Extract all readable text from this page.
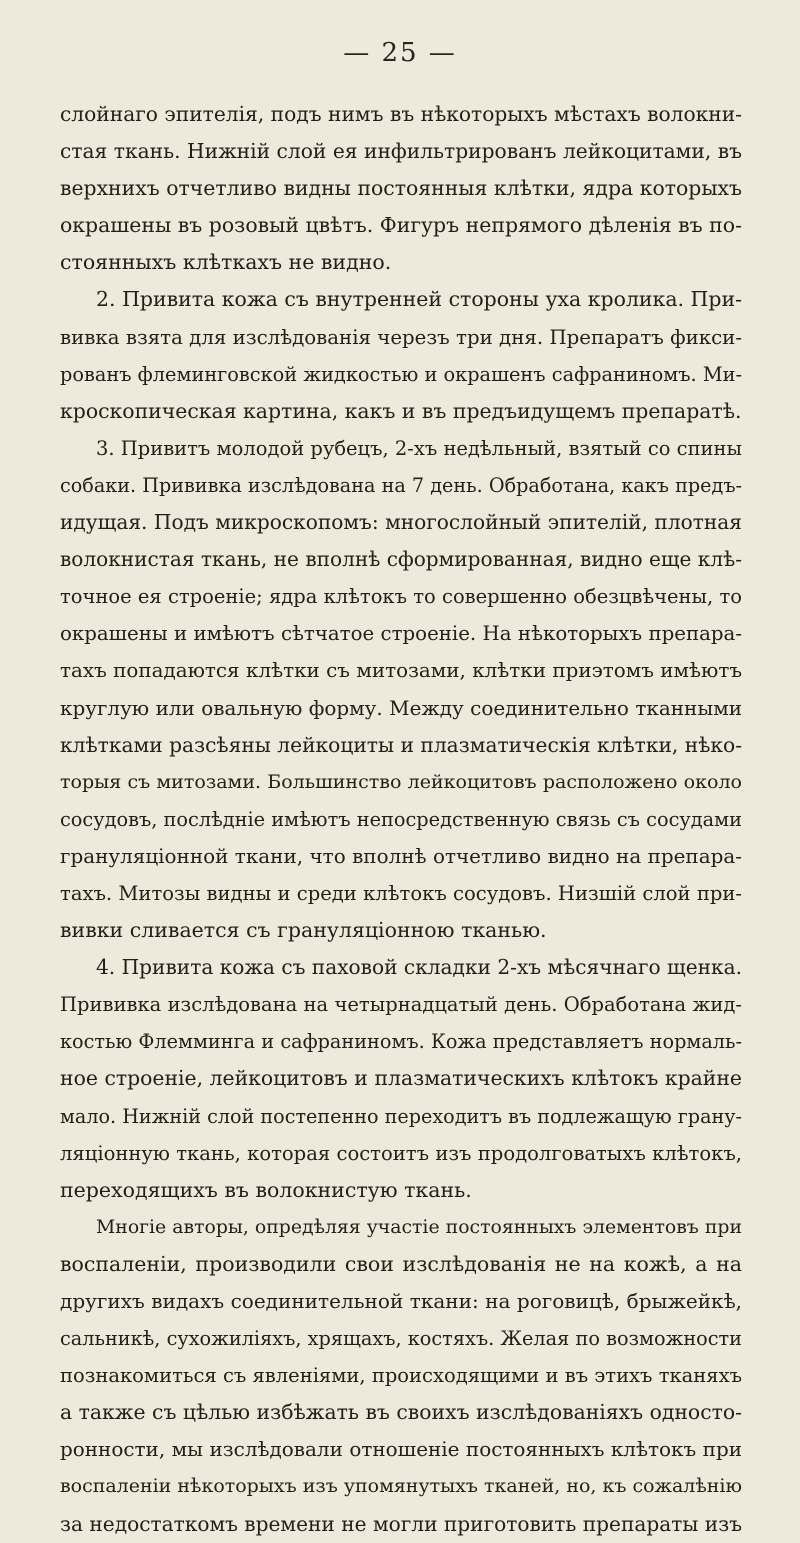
— 25 —
слойнаго эпителія, подъ нимъ въ нѣкоторыхъ мѣстахъ волокни-
стая ткань. Нижній слой ея инфильтрированъ лейкоцитами, въ
верхнихъ отчетливо видны постоянныя клѣтки, ядра которыхъ
окрашены въ розовый цвѣтъ. Фигуръ непрямого дѣленія въ по-
стоянныхъ клѣткахъ не видно.
2. Привита кожа съ внутренней стороны уха кролика. При-
вивка взята для изслѣдованія черезъ три дня. Препаратъ фикси-
рованъ флеминговской жидкостью и окрашенъ сафраниномъ. Ми-
кроскопическая картина, какъ и въ предъидущемъ препаратѣ.
3. Привитъ молодой рубецъ, 2-хъ недѣльный, взятый со спины
собаки. Прививка изслѣдована на 7 день. Обработана, какъ предъ-
идущая. Подъ микроскопомъ: многослойный эпителій, плотная
волокнистая ткань, не вполнѣ сформированная, видно еще клѣ-
точное ея строеніе; ядра клѣтокъ то совершенно обезцвѣчены, то
окрашены и имѣютъ сѣтчатое строеніе. На нѣкоторыхъ препара-
тахъ попадаются клѣтки съ митозами, клѣтки приэтомъ имѣютъ
круглую или овальную форму. Между соединительно тканными
клѣтками разсѣяны лейкоциты и плазматическія клѣтки, нѣко-
торыя съ митозами. Большинство лейкоцитовъ расположено около
сосудовъ, послѣдніе имѣютъ непосредственную связь съ сосудами
грануляціонной ткани, что вполнѣ отчетливо видно на препара-
тахъ. Митозы видны и среди клѣтокъ сосудовъ. Низшій слой при-
вивки сливается съ грануляціонною тканью.
4. Привита кожа съ паховой складки 2-хъ мѣсячнаго щенка.
Прививка изслѣдована на четырнадцатый день. Обработана жид-
костью Флемминга и сафраниномъ. Кожа представляетъ нормаль-
ное строеніе, лейкоцитовъ и плазматическихъ клѣтокъ крайне
мало. Нижній слой постепенно переходитъ въ подлежащую грану-
ляціонную ткань, которая состоитъ изъ продолговатыхъ клѣтокъ,
переходящихъ въ волокнистую ткань.
Многіе авторы, опредѣляя участіе постоянныхъ элементовъ при
воспаленіи, производили свои изслѣдованія не на кожѣ, а на
другихъ видахъ соединительной ткани: на роговицѣ, брыжейкѣ,
сальникѣ, сухожиліяхъ, хрящахъ, костяхъ. Желая по возможности
познакомиться съ явленіями, происходящими и въ этихъ тканяхъ
а также съ цѣлью избѣжать въ своихъ изслѣдованіяхъ односто-
ронности, мы изслѣдовали отношеніе постоянныхъ клѣтокъ при
воспаленіи нѣкоторыхъ изъ упомянутыхъ тканей, но, къ сожалѣнію
за недостаткомъ времени не могли приготовить препараты изъ
